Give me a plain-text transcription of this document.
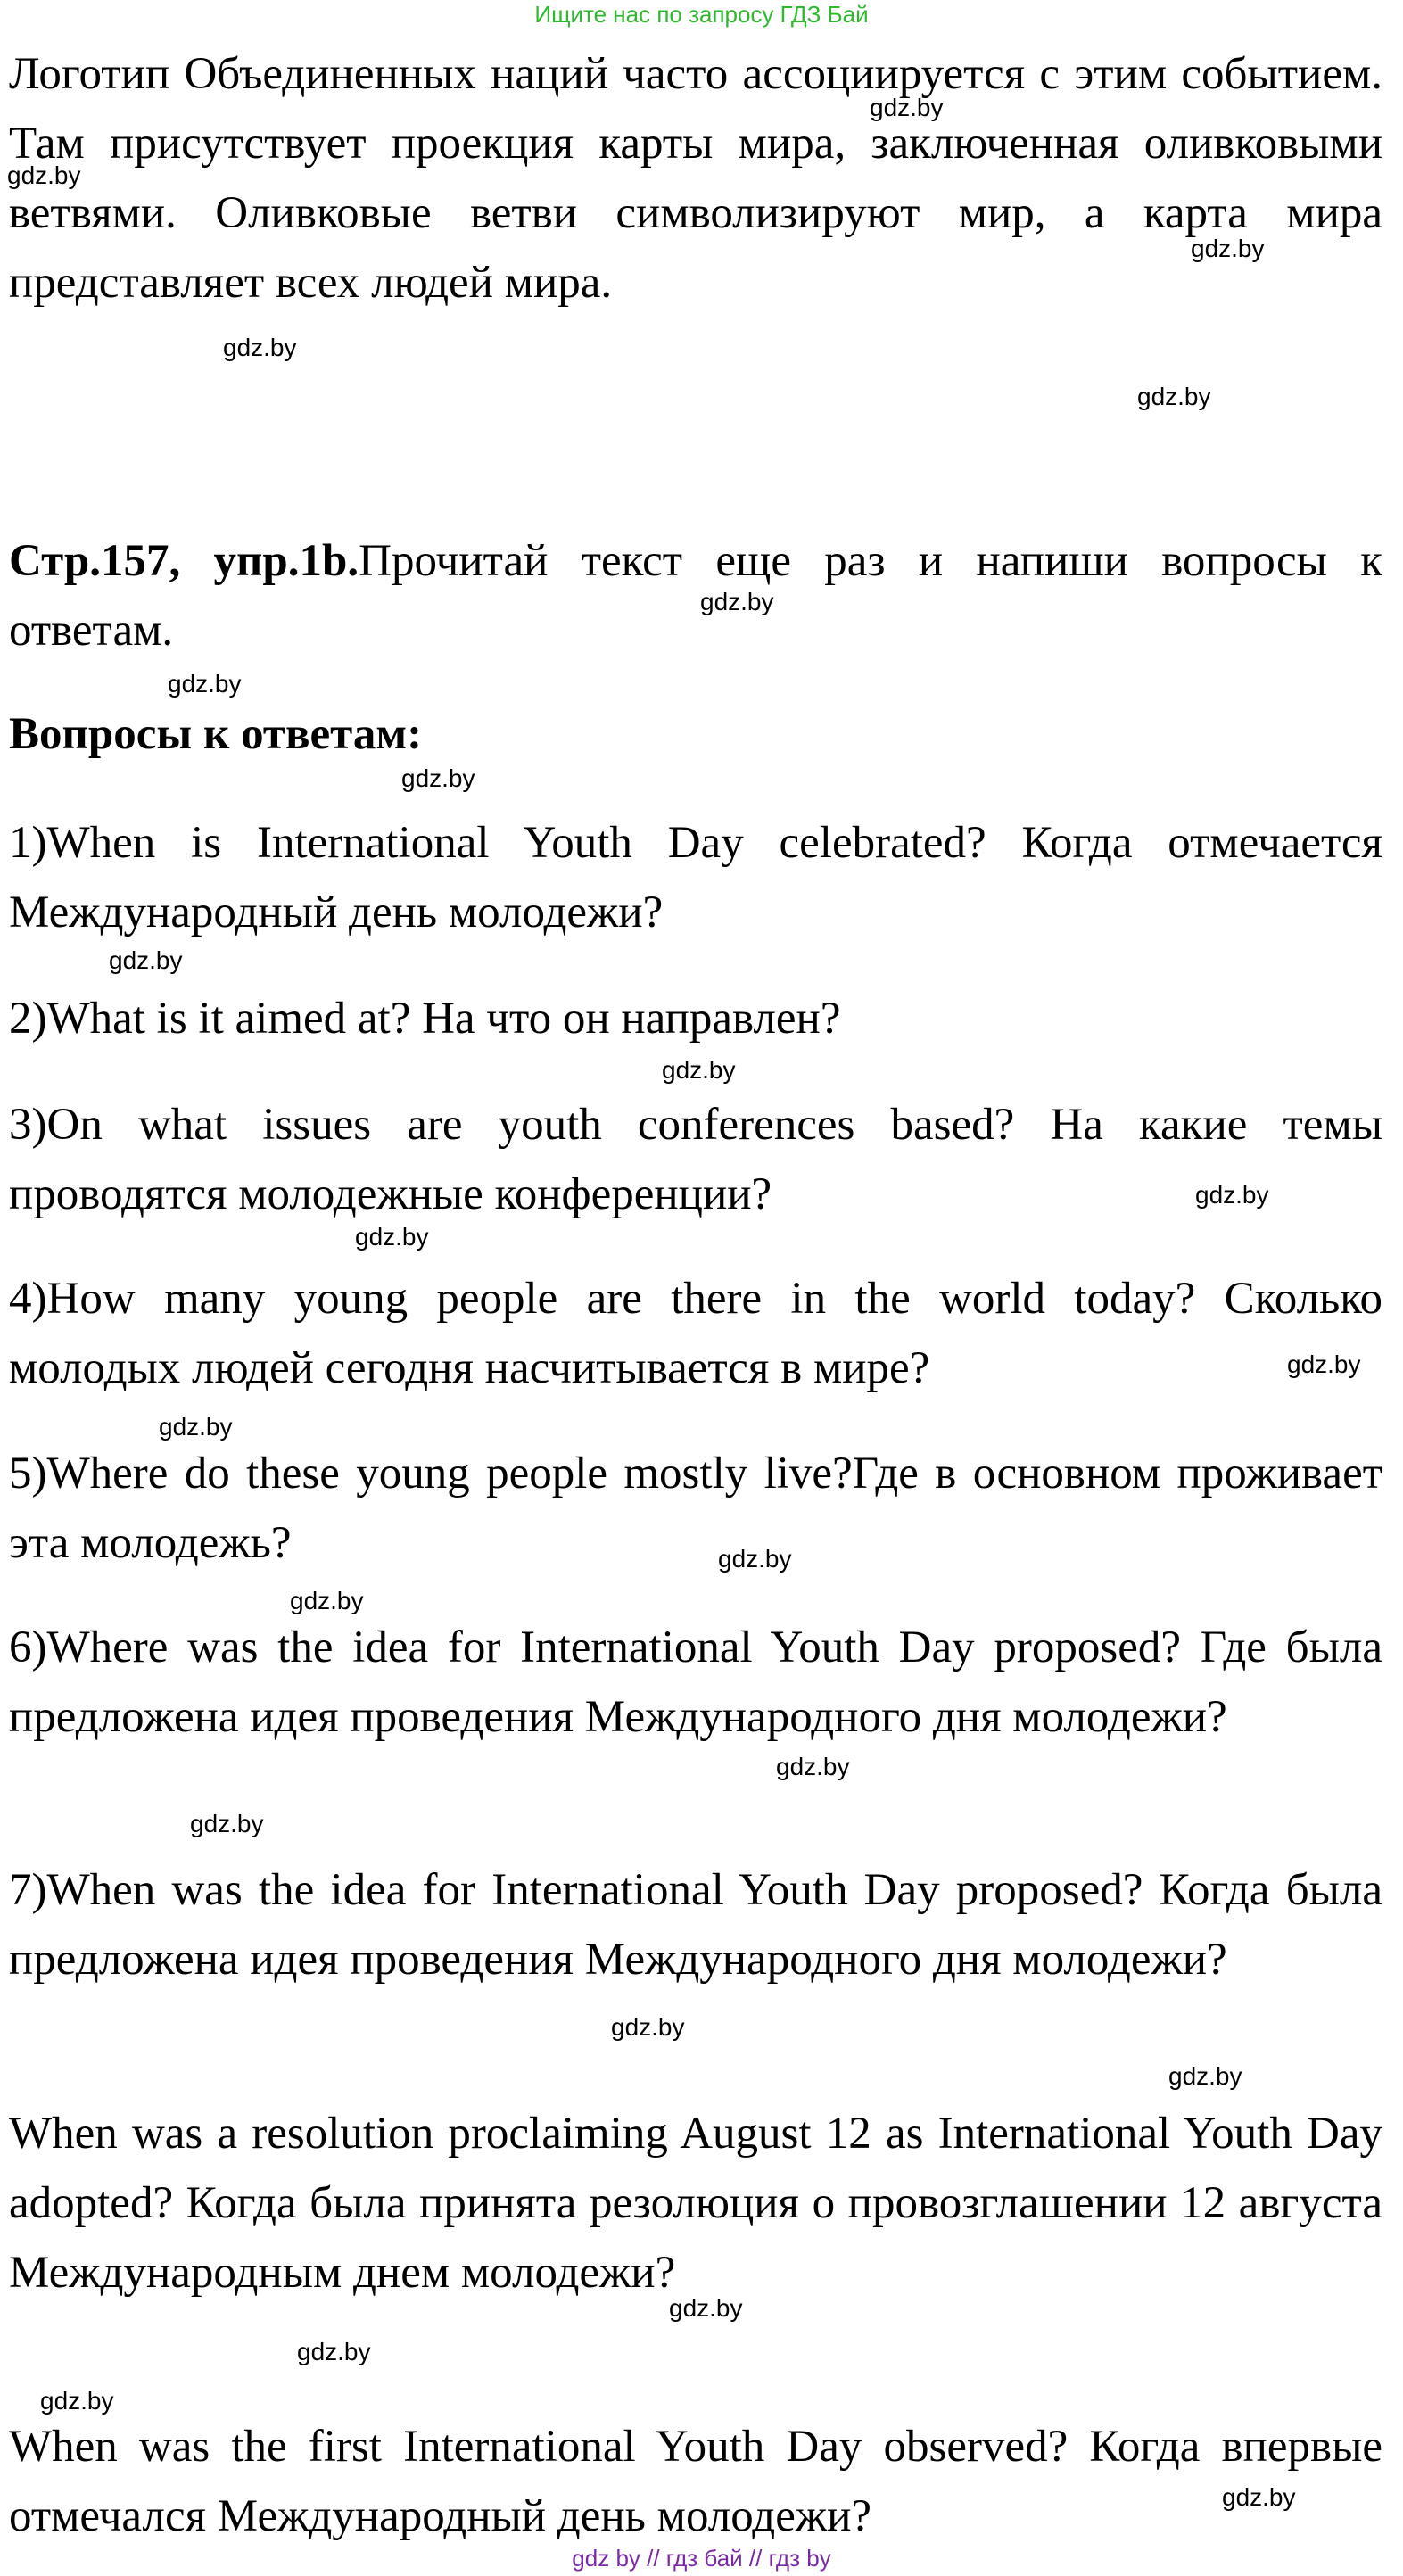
Ищите нас по запросу ГДЗ Бай

Логотип Объединенных наций часто ассоциируется с этим событием. Там присутствует проекция карты мира, заключенная оливковыми ветвями. Оливковые ветви символизируют мир, а карта мира представляет всех людей мира.

Стр.157, упр.1b.Прочитай текст еще раз и напиши вопросы к ответам.

Вопросы к ответам:

1)When is International Youth Day celebrated? Когда отмечается Международный день молодежи?

2)What is it aimed at? На что он направлен?

3)On what issues are youth conferences based? На какие темы проводятся молодежные конференции?

4)How many young people are there in the world today? Сколько молодых людей сегодня насчитывается в мире?

5)Where do these young people mostly live?Где в основном проживает эта молодежь?

6)Where was the idea for International Youth Day proposed? Где была предложена идея проведения Международного дня молодежи?

7)When was the idea for International Youth Day proposed? Когда была предложена идея проведения Международного дня молодежи?

When was a resolution proclaiming August 12 as International Youth Day adopted? Когда была принята резолюция о провозглашении 12 августа Международным днем молодежи?

When was the first International Youth Day observed? Когда впервые отмечался Международный день молодежи?

gdz.by
gdz.by
gdz.by
gdz.by
gdz.by
gdz.by
gdz.by
gdz.by
gdz.by
gdz.by
gdz.by
gdz.by
gdz.by
gdz.by
gdz.by
gdz.by
gdz.by
gdz.by
gdz.by
gdz.by
gdz.by
gdz.by
gdz.by
gdz.by
gdz by // гдз бай // гдз by
